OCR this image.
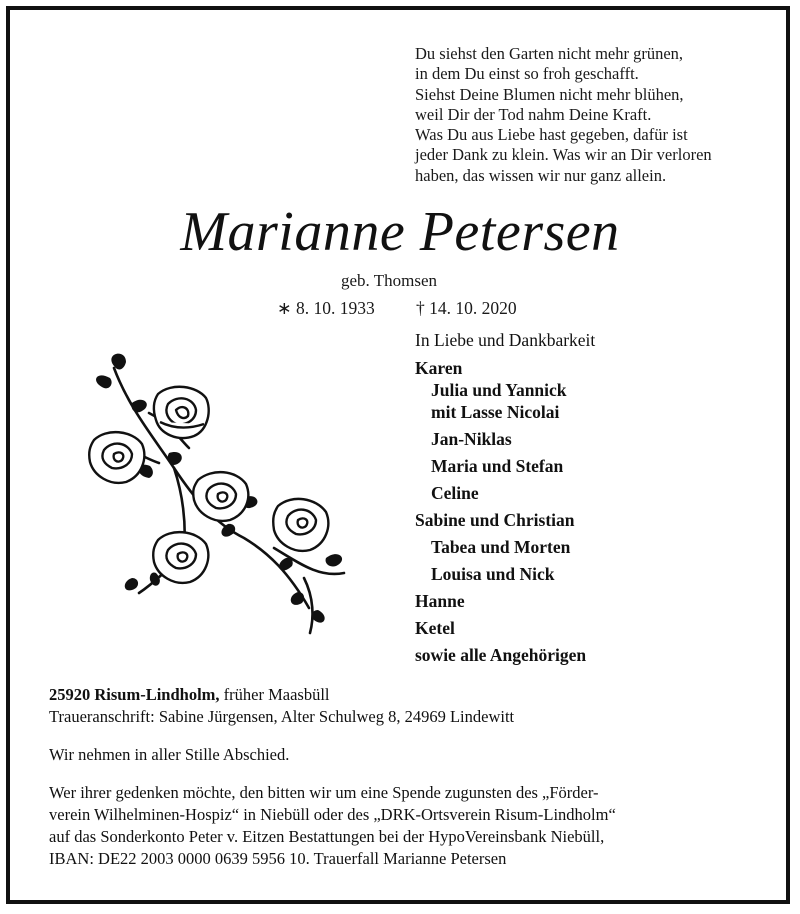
Du siehst den Garten nicht mehr grünen,
in dem Du einst so froh geschafft.
Siehst Deine Blumen nicht mehr blühen,
weil Dir der Tod nahm Deine Kraft.
Was Du aus Liebe hast gegeben, dafür ist
jeder Dank zu klein. Was wir an Dir verloren
haben, das wissen wir nur ganz allein.
Marianne Petersen
geb. Thomsen
∗ 8. 10. 1933 † 14. 10. 2020
In Liebe und Dankbarkeit
Karen
Julia und Yannick
mit Lasse Nicolai
Jan-Niklas
Maria und Stefan
Celine
Sabine und Christian
Tabea und Morten
Louisa und Nick
Hanne
Ketel
sowie alle Angehörigen

25920 Risum-Lindholm, früher Maasbüll

Traueranschrift: Sabine Jürgensen, Alter Schulweg 8, 24969 Lindewitt

Wir nehmen in aller Stille Abschied.

Wer ihrer gedenken möchte, den bitten wir um eine Spende zugunsten des „Förder-

verein Wilhelminen-Hospiz“ in Niebüll oder des „DRK-Ortsverein Risum-Lindholm“

auf das Sonderkonto Peter v. Eitzen Bestattungen bei der HypoVereinsbank Niebüll,

IBAN: DE22 2003 0000 0639 5956 10. Trauerfall Marianne Petersen
